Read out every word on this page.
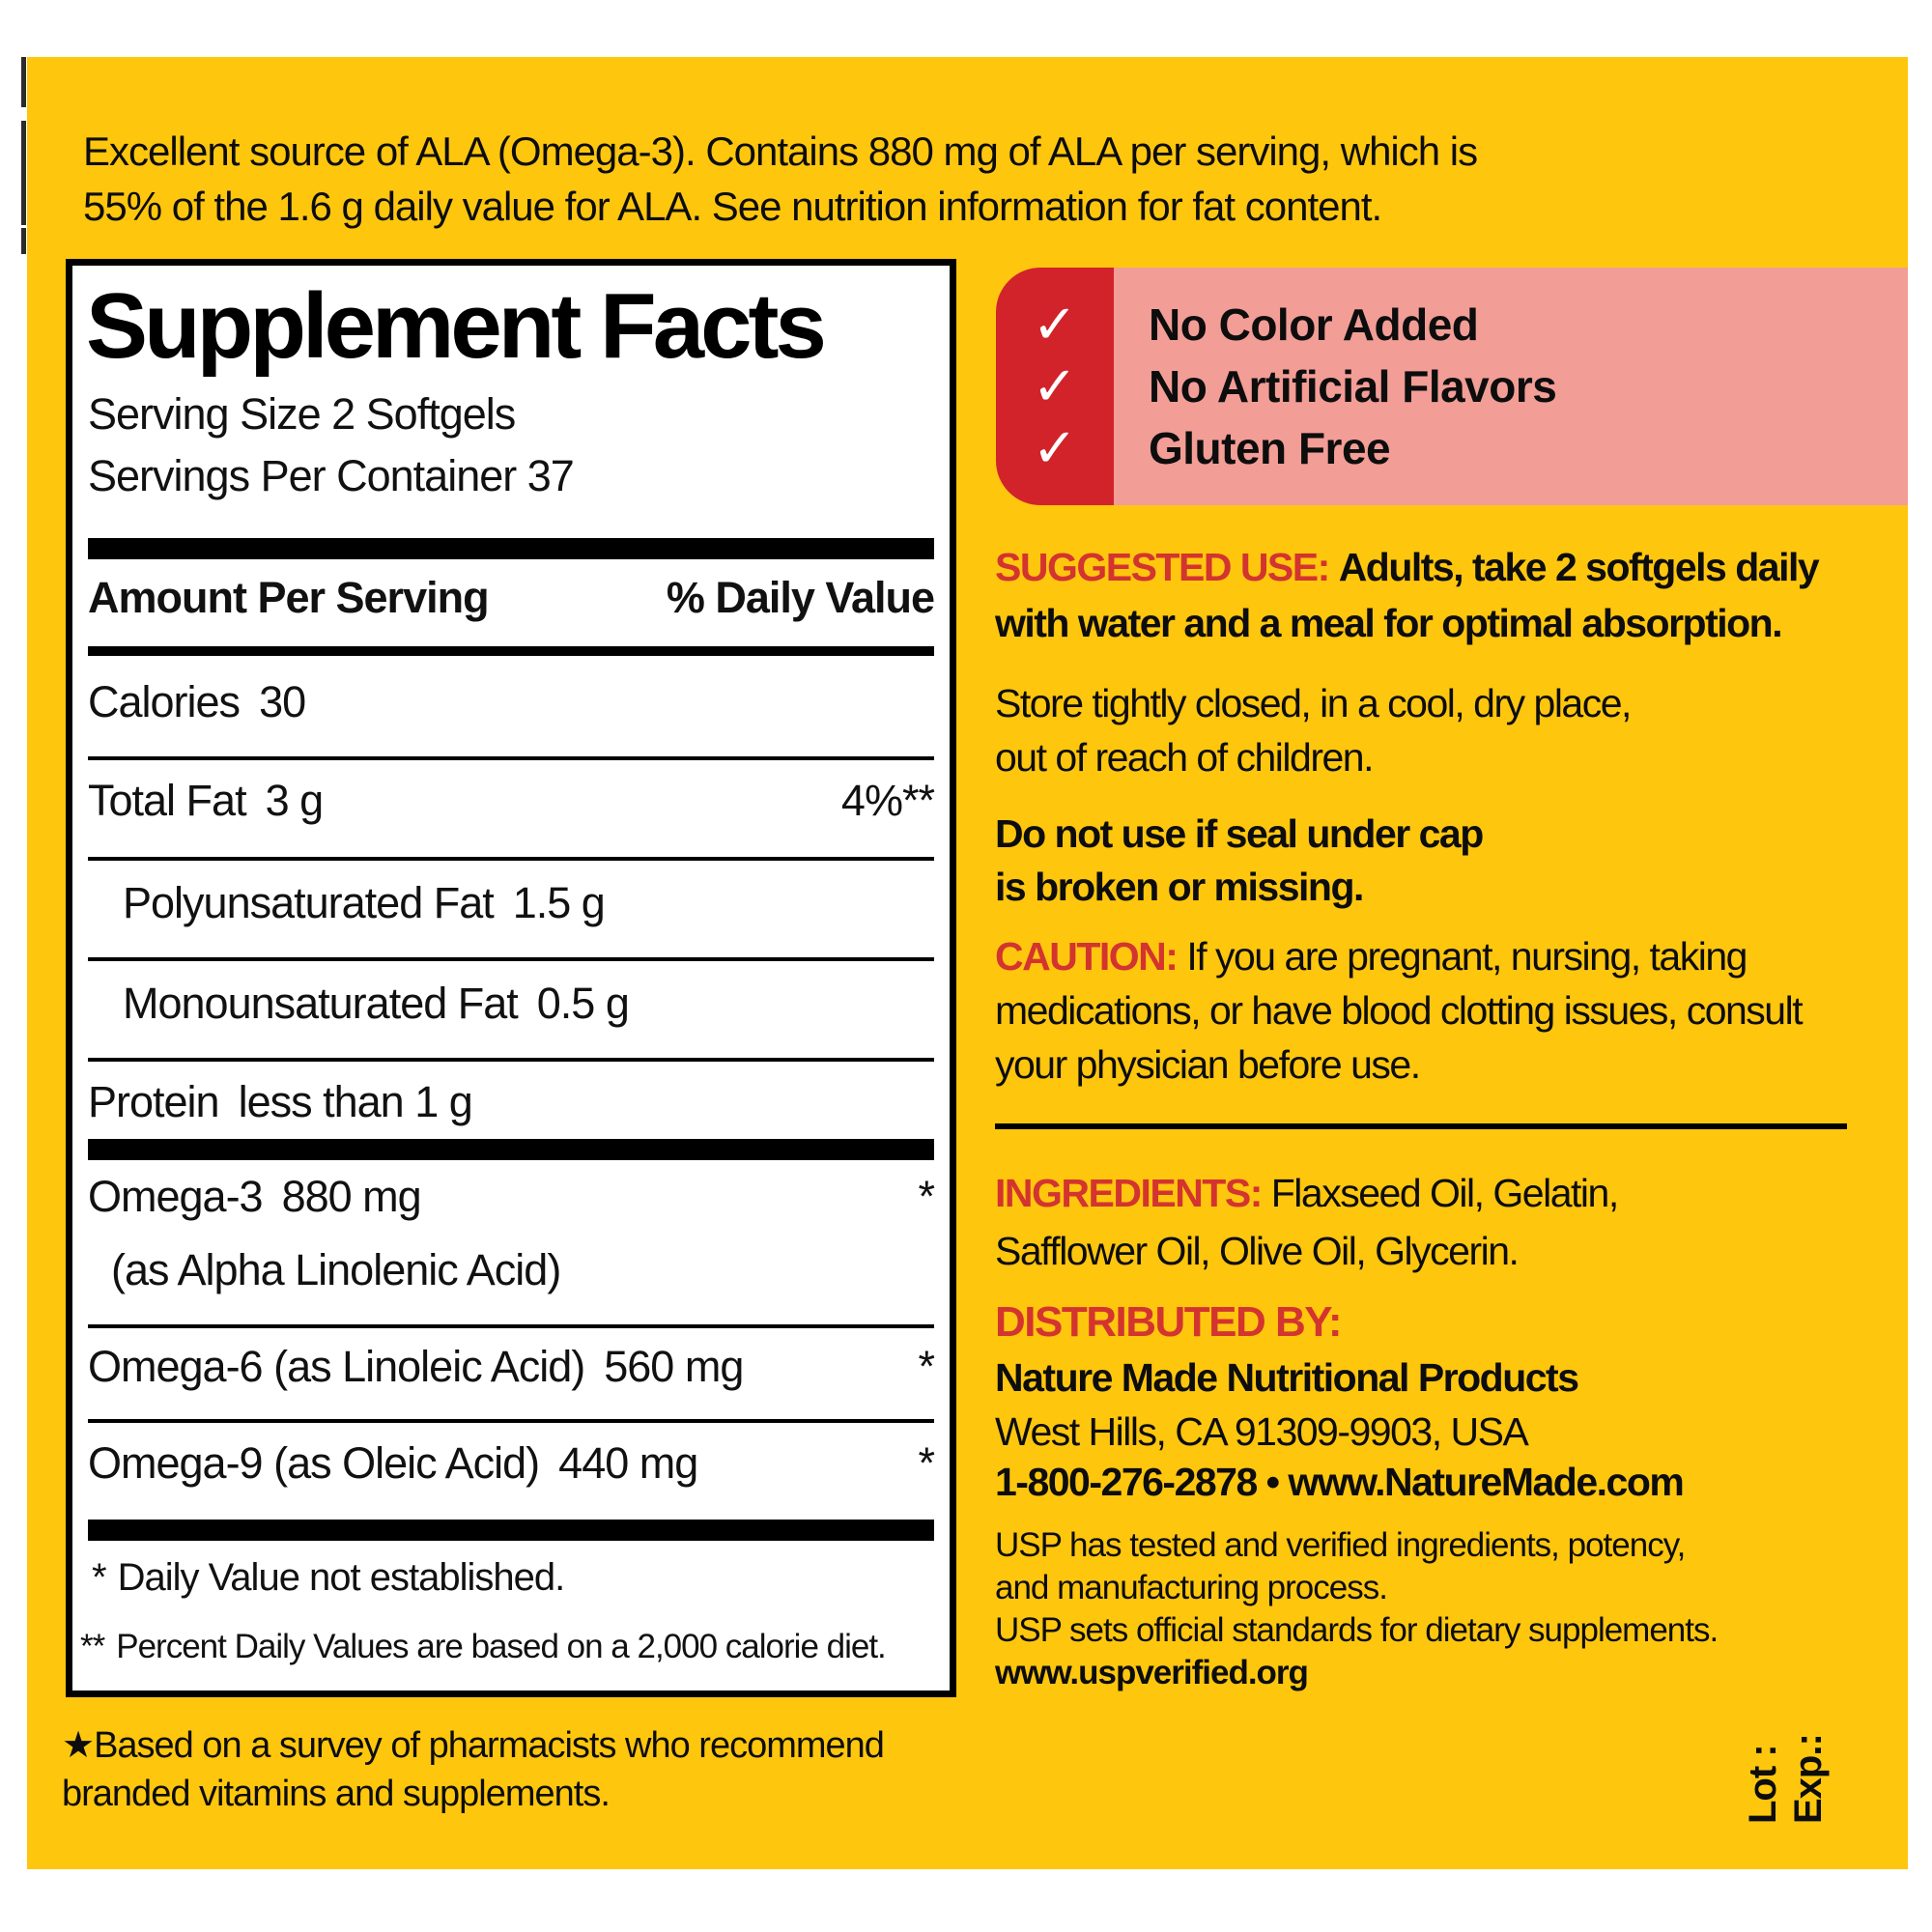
Excellent source of ALA (Omega-3). Contains 880 mg of ALA per serving, which is
55% of the 1.6 g daily value for ALA. See nutrition information for fat content.
Supplement Facts
Serving Size 2 Softgels
Servings Per Container 37
Amount Per Serving	% Daily Value
Calories 30
Total Fat 3 g	4%**
Polyunsaturated Fat 1.5 g
Monounsaturated Fat 0.5 g
Protein less than 1 g
Omega-3 880 mg	*
(as Alpha Linolenic Acid)
Omega-6 (as Linoleic Acid) 560 mg	*
Omega-9 (as Oleic Acid) 440 mg	*
* Daily Value not established.
** Percent Daily Values are based on a 2,000 calorie diet.
★Based on a survey of pharmacists who recommend
branded vitamins and supplements.
✓
✓
✓
No Color Added
No Artificial Flavors
Gluten Free
SUGGESTED USE: Adults, take 2 softgels daily
with water and a meal for optimal absorption.
Store tightly closed, in a cool, dry place,
out of reach of children.
Do not use if seal under cap
is broken or missing.
CAUTION: If you are pregnant, nursing, taking
medications, or have blood clotting issues, consult
your physician before use.
INGREDIENTS: Flaxseed Oil, Gelatin,
Safflower Oil, Olive Oil, Glycerin.
DISTRIBUTED BY:
Nature Made Nutritional Products
West Hills, CA 91309-9903, USA
1-800-276-2878 • www.NatureMade.com
USP has tested and verified ingredients, potency,
and manufacturing process.
USP sets official standards for dietary supplements.
www.uspverified.org
Lot : Exp.:
